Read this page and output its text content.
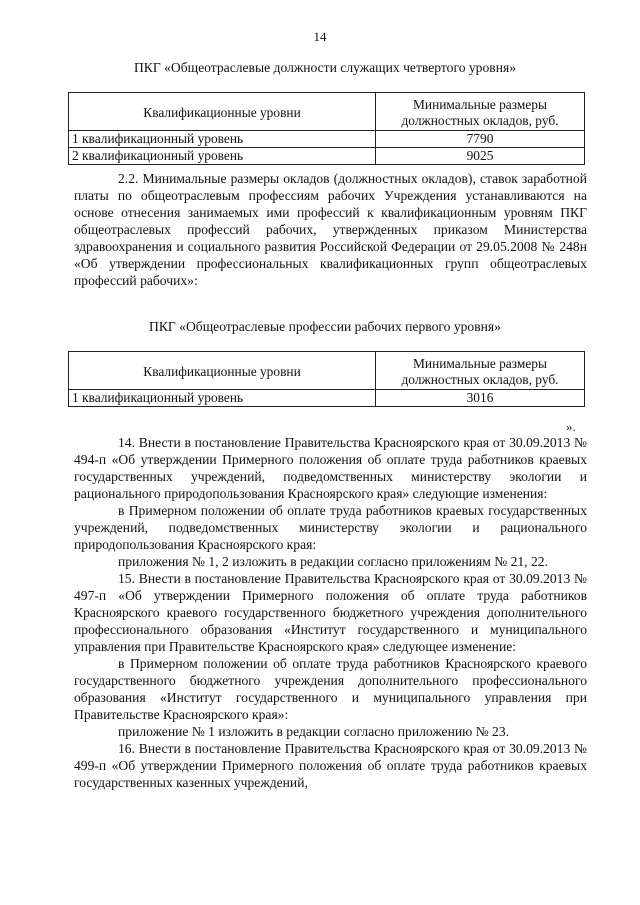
14
ПКГ «Общеотраслевые должности служащих четвертого уровня»
Квалификационные уровни	Минимальные размеры должностных окладов, руб.
1 квалификационный уровень	7790
2 квалификационный уровень	9025

2.2. Минимальные размеры окладов (должностных окладов), ставок заработной платы по общеотраслевым профессиям рабочих Учреждения устанавливаются на основе отнесения занимаемых ими профессий к квалификационным уровням ПКГ общеотраслевых профессий рабочих, утвержденных приказом Министерства здравоохранения и социального развития Российской Федерации от 29.05.2008 № 248н «Об утверждении профессиональных квалификационных групп общеотраслевых профессий рабочих»:

ПКГ «Общеотраслевые профессии рабочих первого уровня»
Квалификационные уровни	Минимальные размеры должностных окладов, руб.
1 квалификационный уровень	3016
».

14. Внести в постановление Правительства Красноярского края от 30.09.2013 № 494-п «Об утверждении Примерного положения об оплате труда работников краевых государственных учреждений, подведомственных министерству экологии и рационального природопользования Красноярского края» следующие изменения:

в Примерном положении об оплате труда работников краевых государственных учреждений, подведомственных министерству экологии и рационального природопользования Красноярского края:

приложения № 1, 2 изложить в редакции согласно приложениям № 21, 22.

15. Внести в постановление Правительства Красноярского края от 30.09.2013 № 497-п «Об утверждении Примерного положения об оплате труда работников Красноярского краевого государственного бюджетного учреждения дополнительного профессионального образования «Институт государственного и муниципального управления при Правительстве Красноярского края» следующее изменение:

в Примерном положении об оплате труда работников Красноярского краевого государственного бюджетного учреждения дополнительного профессионального образования «Институт государственного и муниципального управления при Правительстве Красноярского края»:

приложение № 1 изложить в редакции согласно приложению № 23.

16. Внести в постановление Правительства Красноярского края от 30.09.2013 № 499-п «Об утверждении Примерного положения об оплате труда работников краевых государственных казенных учреждений,
